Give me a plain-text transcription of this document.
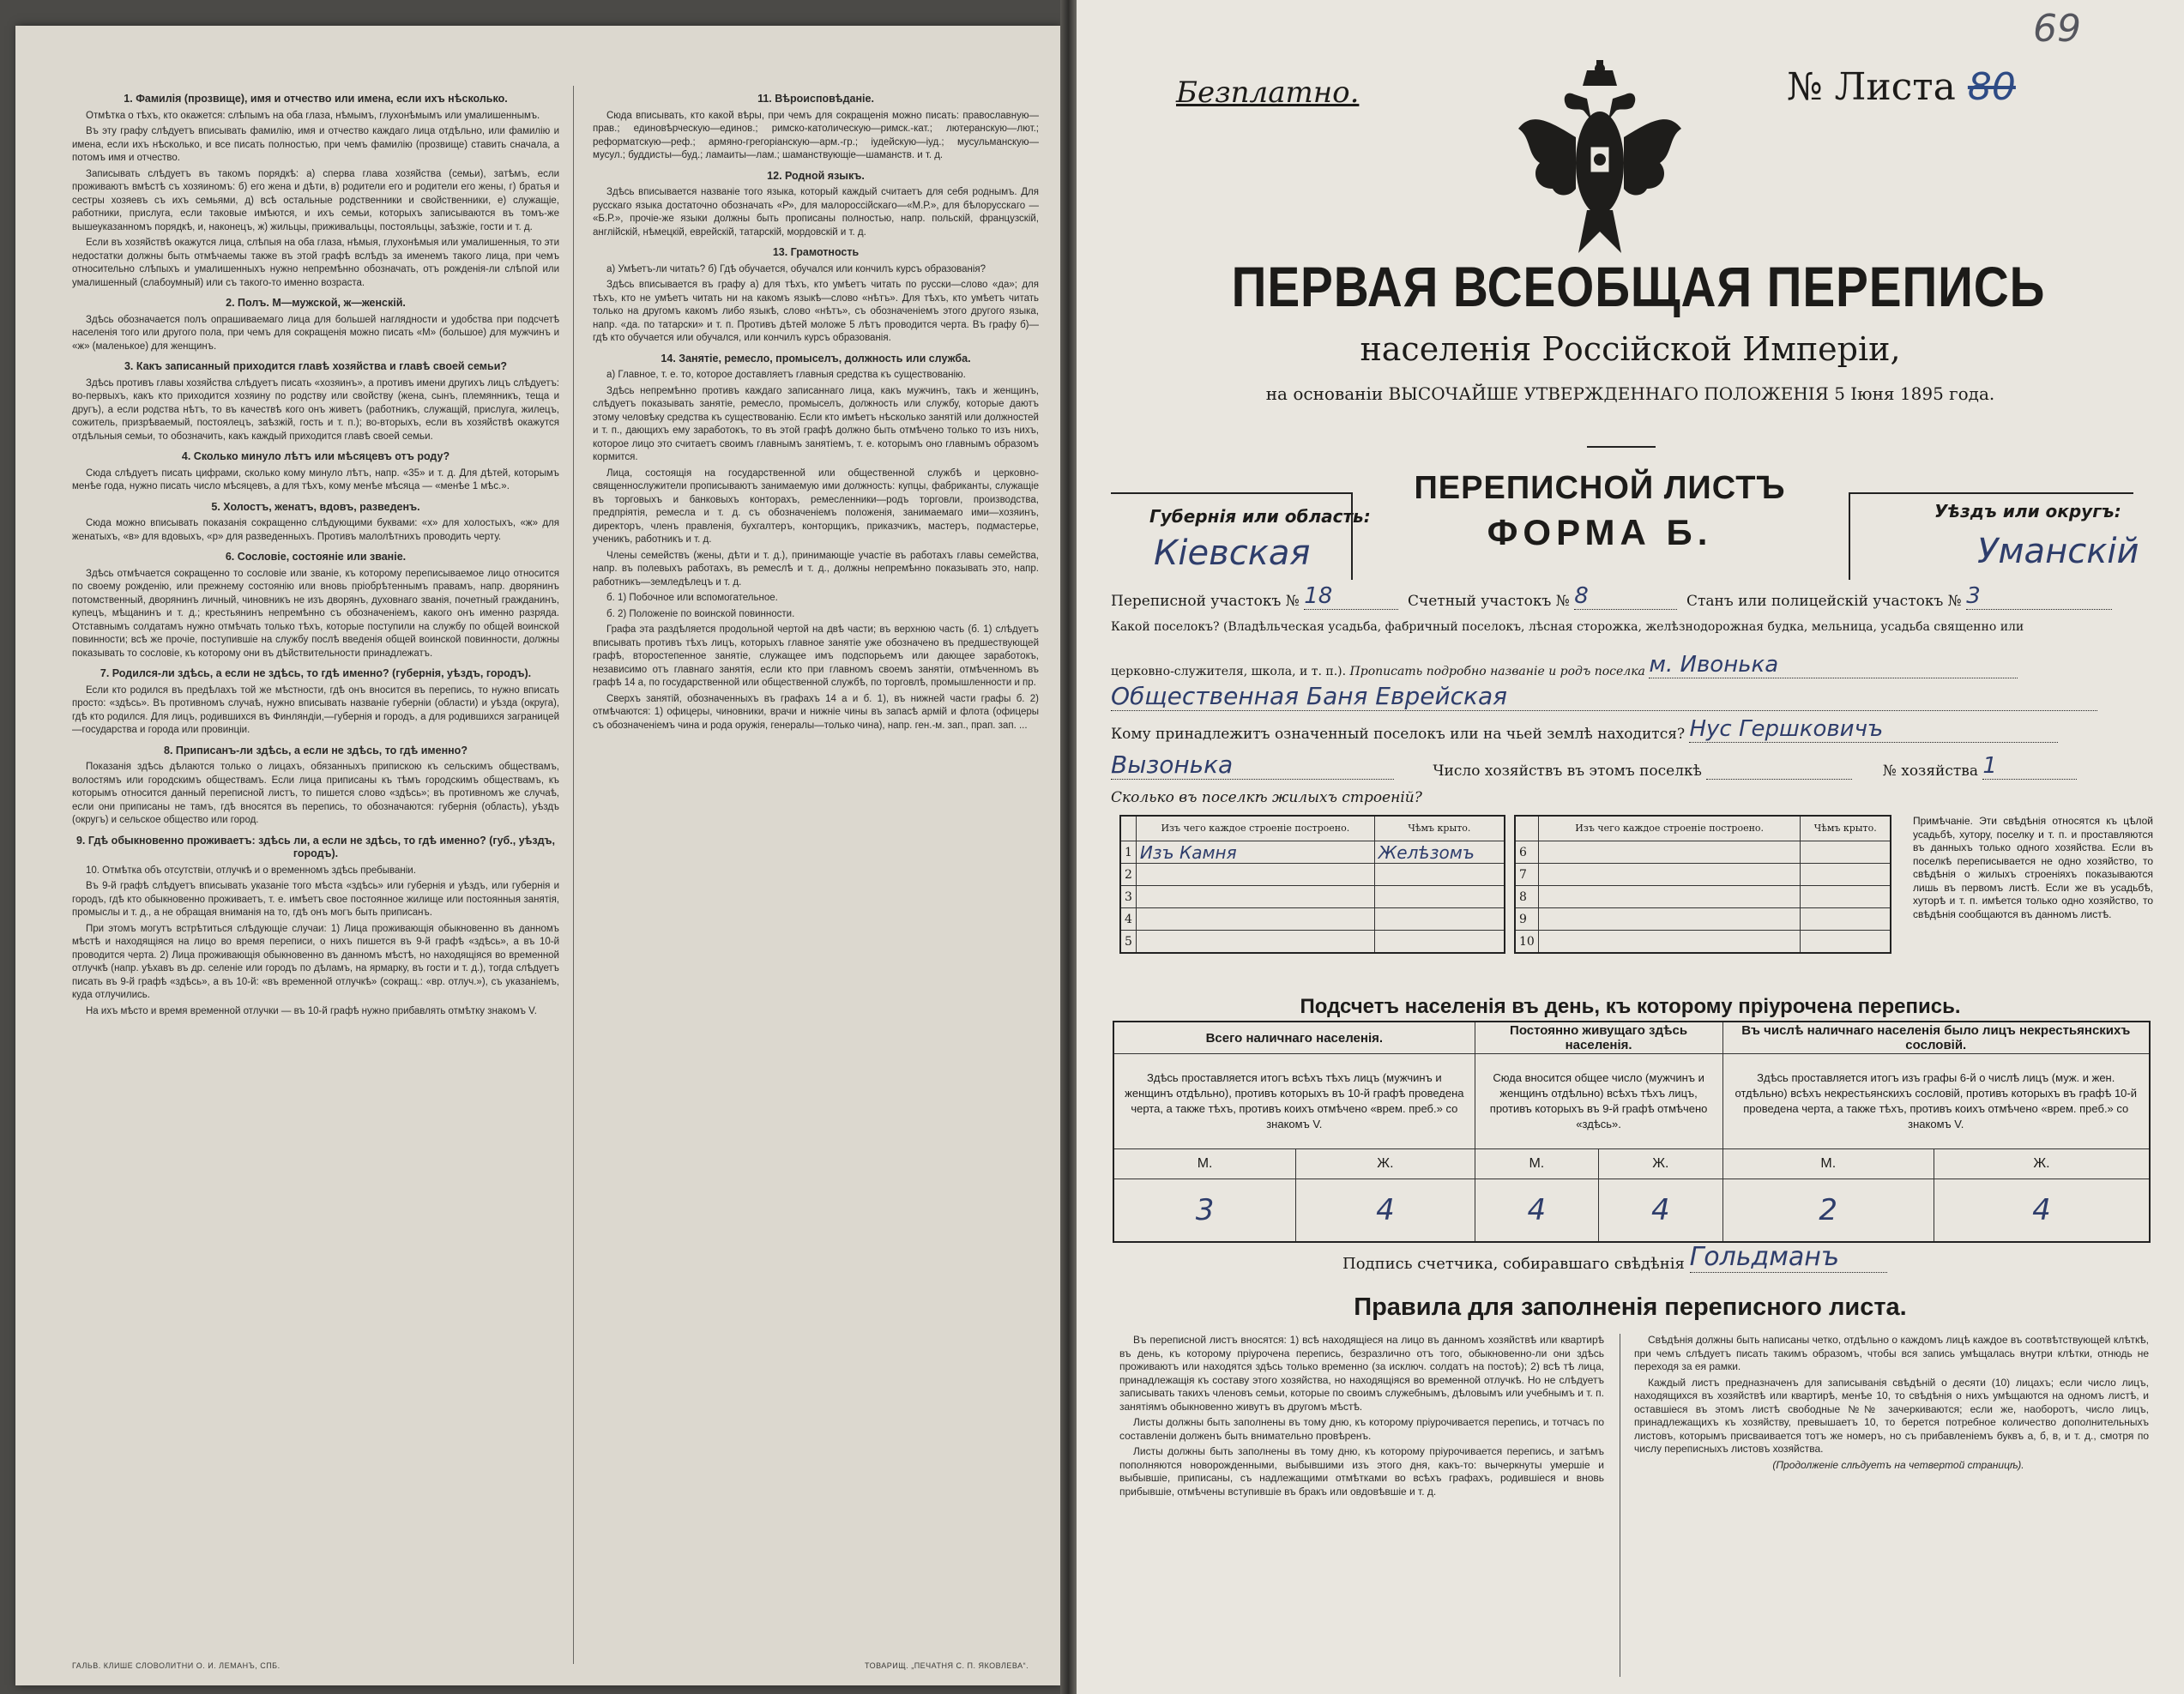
1. Фамилія (прозвище), имя и отчество или имена, если ихъ нѣсколько.

Отмѣтка о тѣхъ, кто окажется: слѣпымъ на оба глаза, нѣмымъ, глухонѣмымъ или умалишеннымъ.

Въ эту графу слѣдуетъ вписывать фамилію, имя и отчество каждаго лица отдѣльно, или фамилію и имена, если ихъ нѣсколько, и все писать полностью, при чемъ фамилію (прозвище) ставить сначала, а потомъ имя и отчество.

Записывать слѣдуетъ въ такомъ порядкѣ: а) сперва глава хозяйства (семьи), затѣмъ, если проживаютъ вмѣстѣ съ хозяиномъ: б) его жена и дѣти, в) родители его и родители его жены, г) братья и сестры хозяевъ съ ихъ семьями, д) всѣ остальные родственники и свойственники, е) служащіе, работники, прислуга, если таковые имѣются, и ихъ семьи, которыхъ записываются въ томъ-же вышеуказанномъ порядкѣ, и, наконецъ, ж) жильцы, приживальцы, постояльцы, заѣзжіе, гости и т. д.

Если въ хозяйствѣ окажутся лица, слѣпыя на оба глаза, нѣмыя, глухонѣмыя или умалишенныя, то эти недостатки должны быть отмѣчаемы также въ этой графѣ вслѣдъ за именемъ такого лица, при чемъ относительно слѣпыхъ и умалишенныхъ нужно непремѣнно обозначать, отъ рожденія-ли слѣпой или умалишенный (слабоумный) или съ такого-то именно возраста.

2. Полъ. М—мужской, ж—женскій.

Здѣсь обозначается полъ опрашиваемаго лица для большей наглядности и удобства при подсчетѣ населенія того или другого пола, при чемъ для сокращенія можно писать «М» (большое) для мужчинъ и «ж» (маленькое) для женщинъ.

3. Какъ записанный приходится главѣ хозяйства и главѣ своей семьи?

Здѣсь противъ главы хозяйства слѣдуетъ писать «хозяинъ», а противъ имени другихъ лицъ слѣдуетъ: во-первыхъ, какъ кто приходится хозяину по родству или свойству (жена, сынъ, племянникъ, теща и другъ), а если родства нѣтъ, то въ качествѣ кого онъ живетъ (работникъ, служащій, прислуга, жилецъ, сожитель, призрѣваемый, постоялецъ, заѣзжій, гость и т. п.); во-вторыхъ, если въ хозяйствѣ окажутся отдѣльныя семьи, то обозначить, какъ каждый приходится главѣ своей семьи.

4. Сколько минуло лѣтъ или мѣсяцевъ отъ роду?

Сюда слѣдуетъ писать цифрами, сколько кому минуло лѣтъ, напр. «35» и т. д. Для дѣтей, которымъ менѣе года, нужно писать число мѣсяцевъ, а для тѣхъ, кому менѣе мѣсяца — «менѣе 1 мѣс.».

5. Холостъ, женатъ, вдовъ, разведенъ.

Сюда можно вписывать показанія сокращенно слѣдующими буквами: «х» для холостыхъ, «ж» для женатыхъ, «в» для вдовыхъ, «р» для разведенныхъ. Противъ малолѣтнихъ проводить черту.

6. Сословіе, состояніе или званіе.

Здѣсь отмѣчается сокращенно то сословіе или званіе, къ которому переписываемое лицо относится по своему рожденію, или прежнему состоянію или вновь пріобрѣтеннымъ правамъ, напр. дворянинъ потомственный, дворянинъ личный, чиновникъ не изъ дворянъ, духовнаго званія, почетный гражданинъ, купецъ, мѣщанинъ и т. д.; крестьянинъ непремѣнно съ обозначеніемъ, какого онъ именно разряда. Отставнымъ солдатамъ нужно отмѣчать только тѣхъ, которые поступили на службу по общей воинской повинности; всѣ же прочіе, поступившіе на службу послѣ введенія общей воинской повинности, должны показывать то сословіе, къ которому они въ дѣйствительности принадлежатъ.

7. Родился-ли здѣсь, а если не здѣсь, то гдѣ именно? (губернія, уѣздъ, городъ).

Если кто родился въ предѣлахъ той же мѣстности, гдѣ онъ вносится въ перепись, то нужно вписать просто: «здѣсь». Въ противномъ случаѣ, нужно вписывать названіе губерніи (области) и уѣзда (округа), гдѣ кто родился. Для лицъ, родившихся въ Финляндіи,—губернія и городъ, а для родившихся заграницей—государства и города или провинціи.

8. Приписанъ-ли здѣсь, а если не здѣсь, то гдѣ именно?

Показанія здѣсь дѣлаются только о лицахъ, обязанныхъ припискою къ сельскимъ обществамъ, волостямъ или городскимъ обществамъ. Если лица приписаны къ тѣмъ городскимъ обществамъ, къ которымъ относится данный переписной листъ, то пишется слово «здѣсь»; въ противномъ же случаѣ, если они приписаны не тамъ, гдѣ вносятся въ перепись, то обозначаются: губернія (область), уѣздъ (округъ) и сельское общество или город.

9. Гдѣ обыкновенно проживаетъ: здѣсь ли, а если не здѣсь, то гдѣ именно? (губ., уѣздъ, городъ).

10. Отмѣтка объ отсутствіи, отлучкѣ и о временномъ здѣсь пребываніи.

Въ 9-й графѣ слѣдуетъ вписывать указаніе того мѣста «здѣсь» или губернія и уѣздъ, или губернія и городъ, гдѣ кто обыкновенно проживаетъ, т. е. имѣетъ свое постоянное жилище или постоянныя занятія, промыслы и т. д., а не обращая вниманія на то, гдѣ онъ могъ быть приписанъ.

При этомъ могутъ встрѣтиться слѣдующіе случаи: 1) Лица проживающія обыкновенно въ данномъ мѣстѣ и находящіяся на лицо во время переписи, о нихъ пишется въ 9-й графѣ «здѣсь», а въ 10-й проводится черта. 2) Лица проживающія обыкновенно въ данномъ мѣстѣ, но находящіяся во временной отлучкѣ (напр. уѣхавъ въ др. селеніе или городъ по дѣламъ, на ярмарку, въ гости и т. д.), тогда слѣдуетъ писать въ 9-й графѣ «здѣсь», а въ 10-й: «въ временной отлучкѣ» (сокращ.: «вр. отлуч.»), съ указаніемъ, куда отлучились.

На ихъ мѣсто и время временной отлучки — въ 10-й графѣ нужно прибавлять отмѣтку знакомъ V.

11. Вѣроисповѣданіе.

Сюда вписывать, кто какой вѣры, при чемъ для сокращенія можно писать: православную—прав.; единовѣрческую—единов.; римско-католическую—римск.-кат.; лютеранскую—лют.; реформатскую—реф.; армяно-грегоріанскую—арм.-гр.; іудейскую—іуд.; мусульманскую—мусул.; буддисты—буд.; ламаиты—лам.; шаманствующіе—шаманств. и т. д.

12. Родной языкъ.

Здѣсь вписывается названіе того языка, который каждый считаетъ для себя роднымъ. Для русскаго языка достаточно обозначать «Р», для малороссійскаго—«М.Р.», для бѣлорусскаго — «Б.Р.», прочіе-же языки должны быть прописаны полностью, напр. польскій, французскій, англійскій, нѣмецкій, еврейскій, татарскій, мордовскій и т. д.

13. Грамотность

а) Умѣетъ-ли читать? б) Гдѣ обучается, обучался или кончилъ курсъ образованія?

Здѣсь вписывается въ графу а) для тѣхъ, кто умѣетъ читать по русски—слово «да»; для тѣхъ, кто не умѣетъ читать ни на какомъ языкѣ—слово «нѣтъ». Для тѣхъ, кто умѣетъ читать только на другомъ какомъ либо языкѣ, слово «нѣтъ», съ обозначеніемъ этого другого языка, напр. «да. по татарски» и т. п. Противъ дѣтей моложе 5 лѣтъ проводится черта. Въ графу б)—гдѣ кто обучается или обучался, или кончилъ курсъ образованія.

14. Занятіе, ремесло, промыселъ, должность или служба.

а) Главное, т. е. то, которое доставляетъ главныя средства къ существованію.

Здѣсь непремѣнно противъ каждаго записаннаго лица, какъ мужчинъ, такъ и женщинъ, слѣдуетъ показывать занятіе, ремесло, промыселъ, должность или службу, которые даютъ этому человѣку средства къ существованію. Если кто имѣетъ нѣсколько занятій или должностей и т. п., дающихъ ему заработокъ, то въ этой графѣ должно быть отмѣчено только то изъ нихъ, которое лицо это считаетъ своимъ главнымъ занятіемъ, т. е. которымъ оно главнымъ образомъ кормится.

Лица, состоящія на государственной или общественной службѣ и церковно-священнослужители прописываютъ занимаемую ими должность: купцы, фабриканты, служащіе въ торговыхъ и банковыхъ конторахъ, ремесленники—родъ торговли, производства, предпріятія, ремесла и т. д. съ обозначеніемъ положенія, занимаемаго ими—хозяинъ, директоръ, членъ правленія, бухгалтеръ, конторщикъ, приказчикъ, мастеръ, подмастерье, ученикъ, работникъ и т. д.

Члены семействъ (жены, дѣти и т. д.), принимающіе участіе въ работахъ главы семейства, напр. въ полевыхъ работахъ, въ ремеслѣ и т. д., должны непремѣнно показывать это, напр. работникъ—земледѣлецъ и т. д.

б. 1) Побочное или вспомогательное.

б. 2) Положеніе по воинской повинности.

Графа эта раздѣляется продольной чертой на двѣ части; въ верхнюю часть (б. 1) слѣдуетъ вписывать противъ тѣхъ лицъ, которыхъ главное занятіе уже обозначено въ предшествующей графѣ, второстепенное занятіе, служащее имъ подспорьемъ или дающее заработокъ, независимо отъ главнаго занятія, если кто при главномъ своемъ занятіи, отмѣченномъ въ графѣ 14 а, по государственной или общественной службѣ, по торговлѣ, промышленности и пр.

Сверхъ занятій, обозначенныхъ въ графахъ 14 а и б. 1), въ нижней части графы б. 2) отмѣчаются: 1) офицеры, чиновники, врачи и нижніе чины въ запасѣ армій и флота (офицеры съ обозначеніемъ чина и рода оружія, генералы—только чина), напр. ген.-м. зап., прап. зап. ...

ГАЛЬВ. КЛИШЕ СЛОВОЛИТНИ О. И. ЛЕМАНЪ, СПБ.	ТОВАРИЩ. „ПЕЧАТНЯ С. П. ЯКОВЛЕВА“.
Безплатно.	№ Листа 80
69
ПЕРВАЯ ВСЕОБЩАЯ ПЕРЕПИСЬ
населенія Россійской Имперіи,
на основаніи ВЫСОЧАЙШЕ УТВЕРЖДЕННАГО ПОЛОЖЕНІЯ 5 Іюня 1895 года.
Губернія или область:
Кіевская
ПЕРЕПИСНОЙ ЛИСТЪ
ФОРМА Б.
Уѣздъ или округъ:
Уманскій
Переписной участокъ № 18	Счетный участокъ № 8	Станъ или полицейскій участокъ № 3
Какой поселокъ? (Владѣльческая усадьба, фабричный поселокъ, лѣсная сторожка, желѣзнодорожная будка, мельница, усадьба священно или
церковно-служителя, школа, и т. п.). Прописать подробно названіе и родъ поселка м. Ивонька
Общественная Баня Еврейская
Кому принадлежитъ означенный поселокъ или на чьей землѣ находится? Нус Гершковичъ
Вызонька	Число хозяйствъ въ этомъ поселкѣ	№ хозяйства 1
Сколько въ поселкѣ жилыхъ строеній?
	Изъ чего каждое строеніе построено.	Чѣмъ крыто.
1	Изъ Камня	Желѣзомъ
2		
3		
4		
5		
	Изъ чего каждое строеніе построено.	Чѣмъ крыто.
6		
7		
8		
9		
10		
Примѣчаніе. Эти свѣдѣнія относятся къ цѣлой усадьбѣ, хутору, поселку и т. п. и проставляются въ данныхъ только одного хозяйства. Если въ поселкѣ переписывается не одно хозяйство, то свѣдѣнія о жилыхъ строеніяхъ показываются лишь въ первомъ листѣ. Если же въ усадьбѣ, хуторѣ и т. п. имѣется только одно хозяйство, то свѣдѣнія сообщаются въ данномъ листѣ.
Подсчетъ населенія въ день, къ которому пріурочена перепись.
Всего наличнаго населенія.		Постоянно живущаго здѣсь населенія.		Въ числѣ наличнаго населенія было лицъ некрестьянскихъ сословій.	
Здѣсь проставляется итогъ всѣхъ тѣхъ лицъ (мужчинъ и женщинъ отдѣльно), противъ которыхъ въ 10-й графѣ проведена черта, а также тѣхъ, противъ коихъ отмѣчено «врем. преб.» со знакомъ V.		Сюда вносится общее число (мужчинъ и женщинъ отдѣльно) всѣхъ тѣхъ лицъ, противъ которыхъ въ 9-й графѣ отмѣчено «здѣсь».		Здѣсь проставляется итогъ изъ графы 6-й о числѣ лицъ (муж. и жен. отдѣльно) всѣхъ некрестьянскихъ сословій, противъ которыхъ въ графѣ 10-й проведена черта, а также тѣхъ, противъ коихъ отмѣчено «врем. преб.» со знакомъ V.	
М.	Ж.	М.	Ж.	М.	Ж.
3	4	4	4	2	4
Подпись счетчика, собиравшаго свѣдѣнія Гольдманъ
Правила для заполненія переписного листа.

Въ переписной листъ вносятся: 1) всѣ находящіеся на лицо въ данномъ хозяйствѣ или квартирѣ въ день, къ которому пріурочена перепись, безразлично отъ того, обыкновенно-ли они здѣсь проживаютъ или находятся здѣсь только временно (за исключ. солдатъ на постоѣ); 2) всѣ тѣ лица, принадлежащія къ составу этого хозяйства, но находящіяся во временной отлучкѣ. Но не слѣдуетъ записывать такихъ членовъ семьи, которые по своимъ служебнымъ, дѣловымъ или учебнымъ и т. п. занятіямъ обыкновенно живутъ въ другомъ мѣстѣ.

Листы должны быть заполнены въ тому дню, къ которому пріурочивается перепись, и тотчасъ по составленіи долженъ быть внимательно провѣренъ.

Листы должны быть заполнены въ тому дню, къ которому пріурочивается перепись, и затѣмъ пополняются новорожденными, выбывшими изъ этого дня, какъ-то: вычеркнуты умершіе и выбывшіе, приписаны, съ надлежащими отмѣтками во всѣхъ графахъ, родившіеся и вновь прибывшіе, отмѣчены вступившіе въ бракъ или овдовѣвшіе и т. д.

Свѣдѣнія должны быть написаны четко, отдѣльно о каждомъ лицѣ каждое въ соотвѣтствующей клѣткѣ, при чемъ слѣдуетъ писать такимъ образомъ, чтобы вся запись умѣщалась внутри клѣтки, отнюдь не переходя за ея рамки.

Каждый листъ предназначенъ для записыванія свѣдѣній о десяти (10) лицахъ; если число лицъ, находящихся въ хозяйствѣ или квартирѣ, менѣе 10, то свѣдѣнія о нихъ умѣщаются на одномъ листѣ, и оставшіеся въ этомъ листѣ свободные №№ зачеркиваются; если же, наоборотъ, число лицъ, принадлежащихъ къ хозяйству, превышаетъ 10, то берется потребное количество дополнительныхъ листовъ, которымъ присваивается тотъ же номеръ, но съ прибавленіемъ буквъ а, б, в, и т. д., смотря по числу переписныхъ листовъ хозяйства.

(Продолженіе слѣдуетъ на четвертой страницѣ).
